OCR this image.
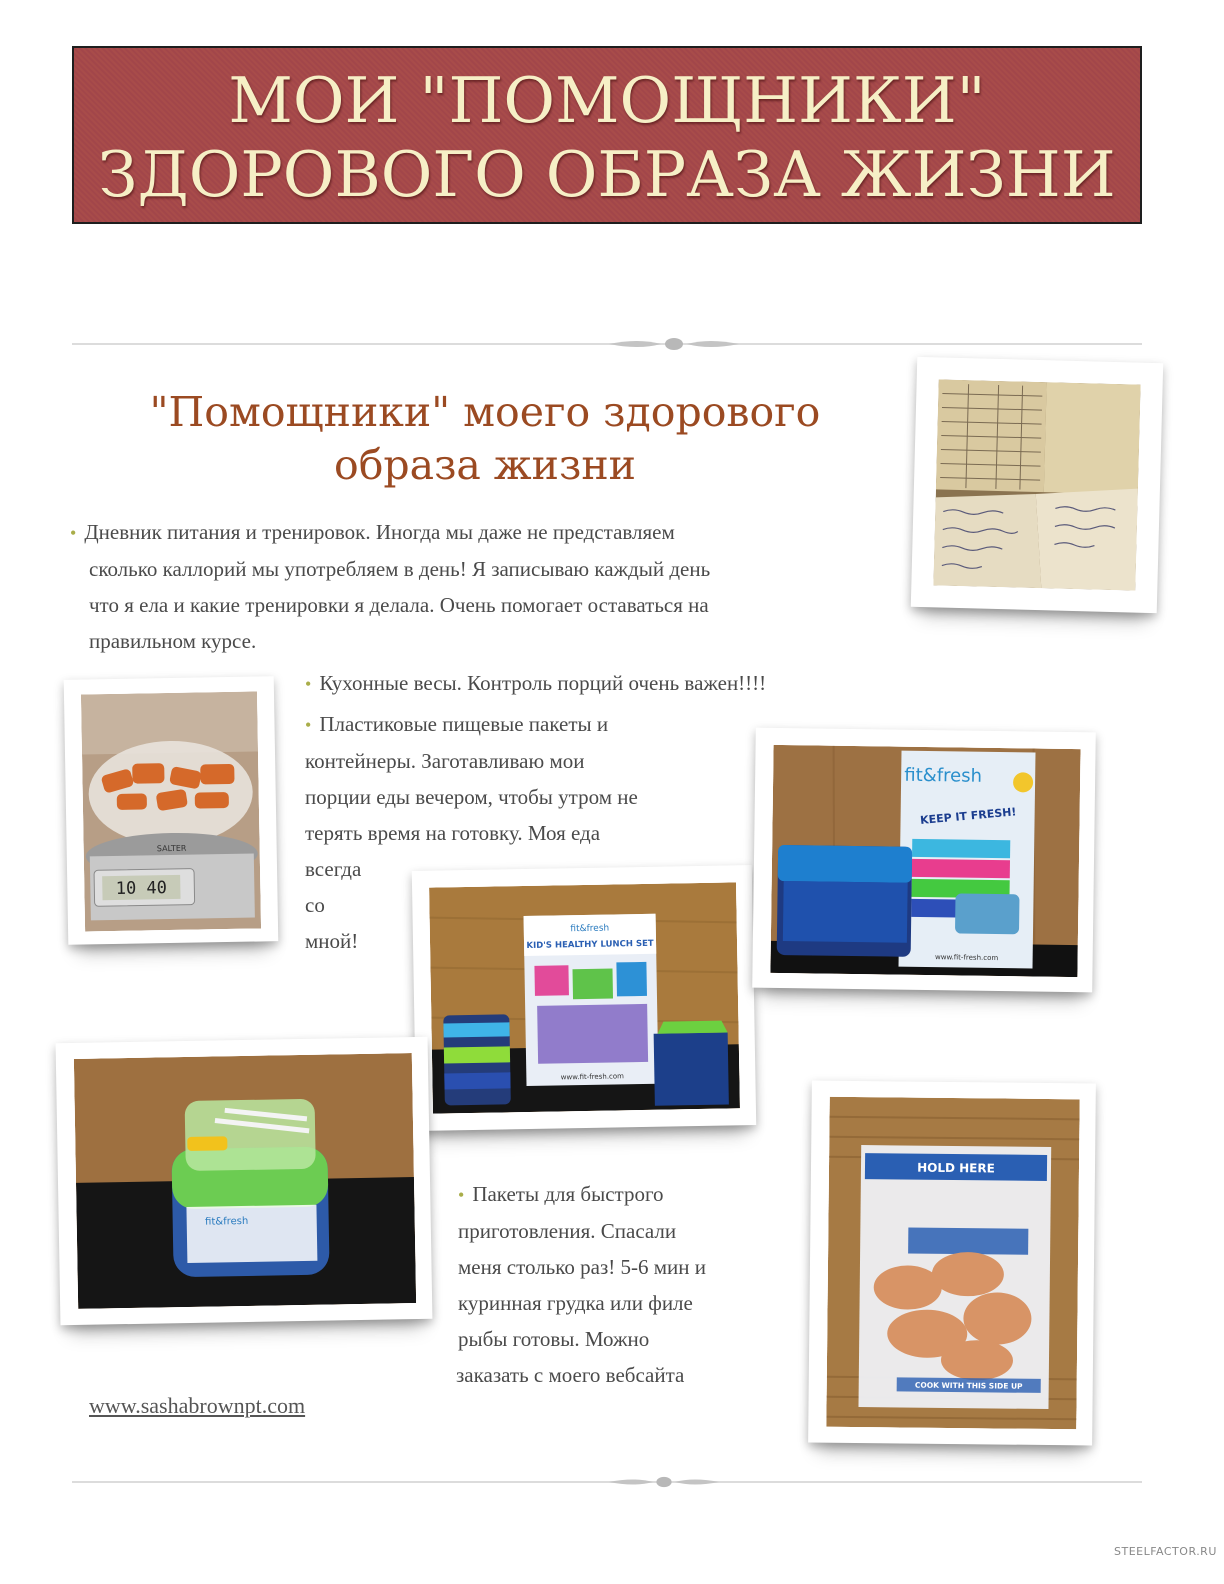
МОИ "ПОМОЩНИКИ"
ЗДОРОВОГО ОБРАЗА ЖИЗНИ
"Помощники" моего здорового
образа жизни
• Дневник питания и тренировок. Иногда мы даже не представляем
сколько каллорий мы употребляем в день! Я записываю каждый день
что я ела и какие тренировки я делала. Очень помогает оставаться на
правильном курсе.
• Кухонные весы. Контроль порций очень важен!!!!
• Пластиковые пищевые пакеты и
контейнеры. Заготавливаю мои
порции еды вечером, чтобы утром не
терять время на готовку. Моя еда
всегда
со
мной!
• Пакеты для быстрого
приготовления. Спасали
меня столько раз! 5-6 мин и
куринная грудка или филе
рыбы готовы. Можно
заказать с моего вебсайта
10 40
SALTER
fit&fresh
KID'S HEALTHY LUNCH SET
www.fit-fresh.com
fit&fresh
KEEP IT FRESH!
www.fit-fresh.com
fit&fresh
HOLD HERE
COOK WITH THIS SIDE UP
www.sashabrownpt.com
STEELFACTOR.RU
